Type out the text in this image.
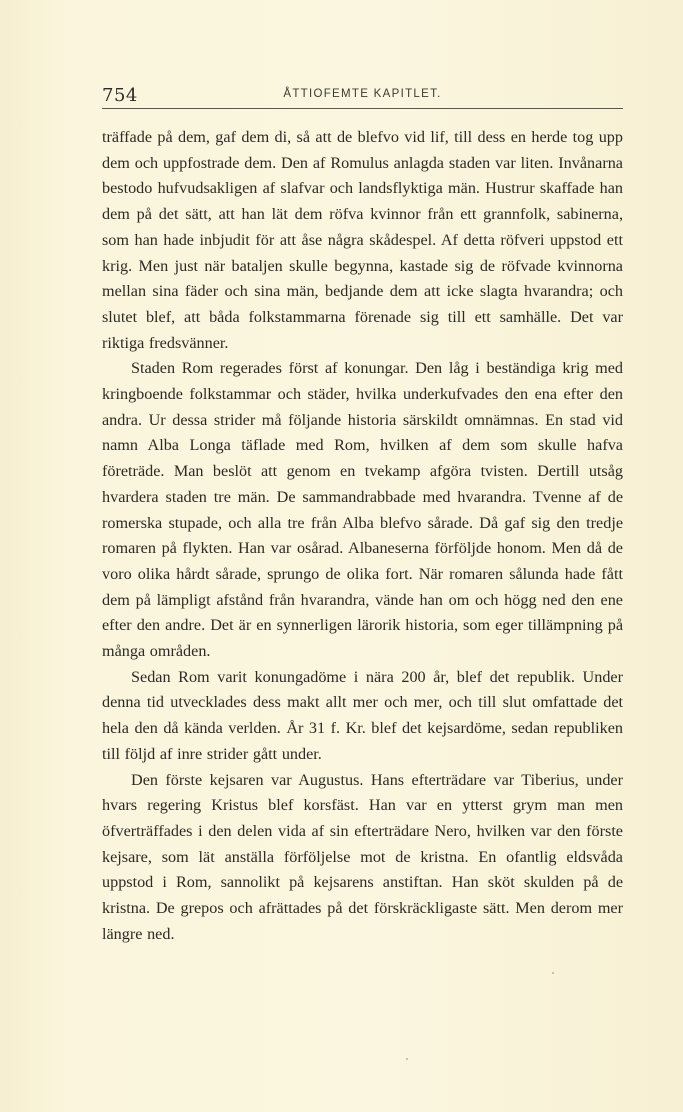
754	ÅTTIOFEMTE KAPITLET.

träffade på dem, gaf dem di, så att de blefvo vid lif, till dess en herde tog upp dem och uppfostrade dem. Den af Romulus anlagda staden var liten. Invånarna bestodo hufvudsakligen af slafvar och landsflyktiga män. Hustrur skaffade han dem på det sätt, att han lät dem röfva kvinnor från ett grannfolk, sabinerna, som han hade inbjudit för att åse några skådespel. Af detta röfveri uppstod ett krig. Men just när bataljen skulle begynna, kastade sig de röfvade kvinnorna mellan sina fäder och sina män, bedjande dem att icke slagta hvarandra; och slutet blef, att båda folkstammarna förenade sig till ett samhälle. Det var riktiga fredsvänner.

Staden Rom regerades först af konungar. Den låg i beständiga krig med kringboende folkstammar och städer, hvilka underkufvades den ena efter den andra. Ur dessa strider må följande historia särskildt omnämnas. En stad vid namn Alba Longa täflade med Rom, hvilken af dem som skulle hafva företräde. Man beslöt att genom en tvekamp afgöra tvisten. Dertill utsåg hvardera staden tre män. De sammandrabbade med hvarandra. Tvenne af de romerska stupade, och alla tre från Alba blefvo sårade. Då gaf sig den tredje romaren på flykten. Han var osårad. Albaneserna förföljde honom. Men då de voro olika hårdt sårade, sprungo de olika fort. När romaren sålunda hade fått dem på lämpligt afstånd från hvarandra, vände han om och högg ned den ene efter den andre. Det är en synnerligen lärorik historia, som eger tillämpning på många områden.

Sedan Rom varit konungadöme i nära 200 år, blef det republik. Under denna tid utvecklades dess makt allt mer och mer, och till slut omfattade det hela den då kända verlden. År 31 f. Kr. blef det kejsardöme, sedan republiken till följd af inre strider gått under.

Den förste kejsaren var Augustus. Hans efterträdare var Tiberius, under hvars regering Kristus blef korsfäst. Han var en ytterst grym man men öfverträffades i den delen vida af sin efterträdare Nero, hvilken var den förste kejsare, som lät anställa förföljelse mot de kristna. En ofantlig eldsvåda uppstod i Rom, sannolikt på kejsarens anstiftan. Han sköt skulden på de kristna. De grepos och afrättades på det förskräckligaste sätt. Men derom mer längre ned.
